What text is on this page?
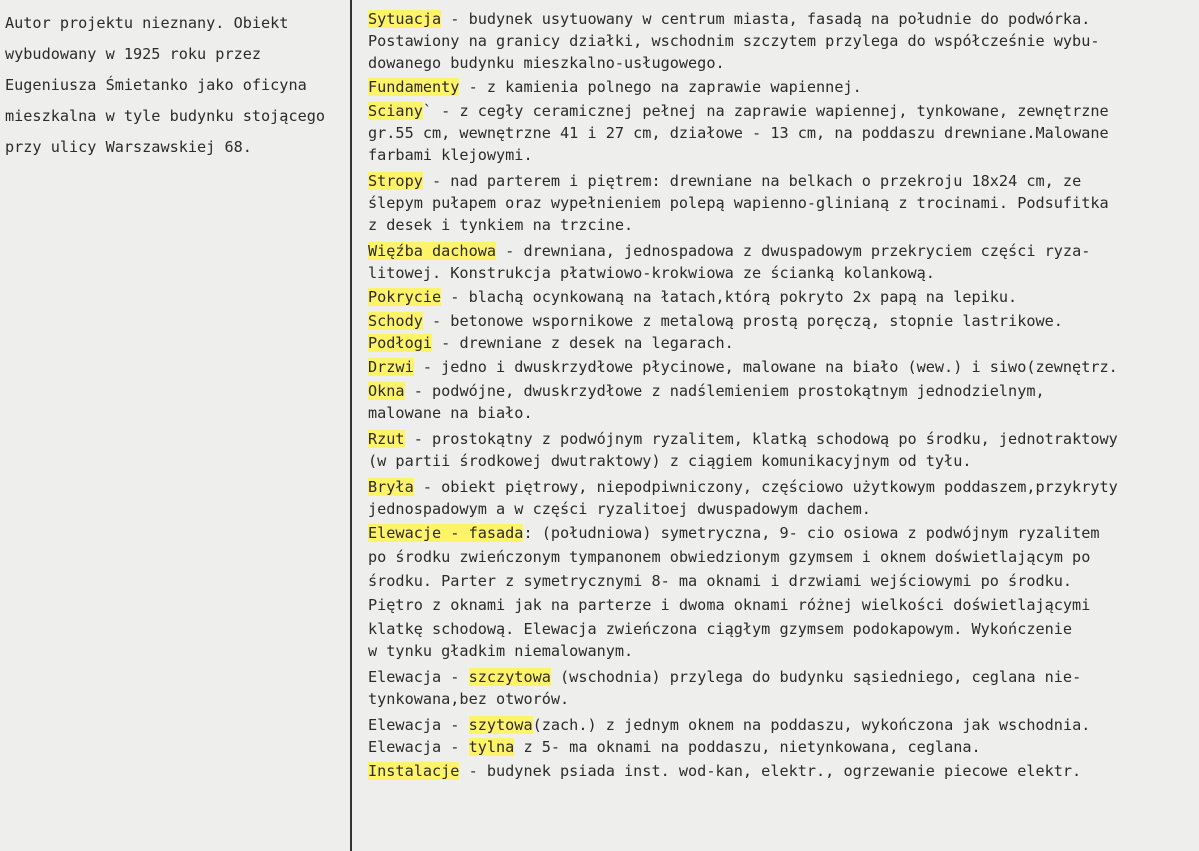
Autor projektu nieznany. Obiekt
wybudowany w 1925 roku przez
Eugeniusza Śmietanko jako oficyna
mieszkalna w tyle budynku stojącego
przy ulicy Warszawskiej 68.
Sytuacja - budynek usytuowany w centrum miasta, fasadą na południe do podwórka.
Postawiony na granicy działki, wschodnim szczytem przylega do współcześnie wybu-
dowanego budynku mieszkalno-usługowego.
Fundamenty - z kamienia polnego na zaprawie wapiennej.
Sciany` - z cegły ceramicznej pełnej na zaprawie wapiennej, tynkowane, zewnętrzne
gr.55 cm, wewnętrzne 41 i 27 cm, działowe - 13 cm, na poddaszu drewniane.Malowane
farbami klejowymi.
Stropy - nad parterem i piętrem: drewniane na belkach o przekroju 18x24 cm, ze
ślepym pułapem oraz wypełnieniem polepą wapienno-glinianą z trocinami. Podsufitka
z desek i tynkiem na trzcine.
Więźba dachowa - drewniana, jednospadowa z dwuspadowym przekryciem części ryza-
litowej. Konstrukcja płatwiowo-krokwiowa ze ścianką kolankową.
Pokrycie - blachą ocynkowaną na łatach,którą pokryto 2x papą na lepiku.
Schody - betonowe wspornikowe z metalową prostą poręczą, stopnie lastrikowe.
Podłogi - drewniane z desek na legarach.
Drzwi - jedno i dwuskrzydłowe płycinowe, malowane na biało (wew.) i siwo(zewnętrz.
Okna - podwójne, dwuskrzydłowe z nadślemieniem prostokątnym jednodzielnym,
malowane na biało.
Rzut - prostokątny z podwójnym ryzalitem, klatką schodową po środku, jednotraktowy
(w partii środkowej dwutraktowy) z ciągiem komunikacyjnym od tyłu.
Bryła - obiekt piętrowy, niepodpiwniczony, częściowo użytkowym poddaszem,przykryty
jednospadowym a w części ryzalitoej dwuspadowym dachem.
Elewacje - fasada: (południowa) symetryczna, 9- cio osiowa z podwójnym ryzalitem
po środku zwieńczonym tympanonem obwiedzionym gzymsem i oknem doświetlającym po
środku. Parter z symetrycznymi 8- ma oknami i drzwiami wejściowymi po środku.
Piętro z oknami jak na parterze i dwoma oknami różnej wielkości doświetlającymi
klatkę schodową. Elewacja zwieńczona ciągłym gzymsem podokapowym. Wykończenie
w tynku gładkim niemalowanym.
Elewacja - szczytowa (wschodnia) przylega do budynku sąsiedniego, ceglana nie-
tynkowana,bez otworów.
Elewacja - szytowa(zach.) z jednym oknem na poddaszu, wykończona jak wschodnia.
Elewacja - tylna z 5- ma oknami na poddaszu, nietynkowana, ceglana.
Instalacje - budynek psiada inst. wod-kan, elektr., ogrzewanie piecowe elektr.
